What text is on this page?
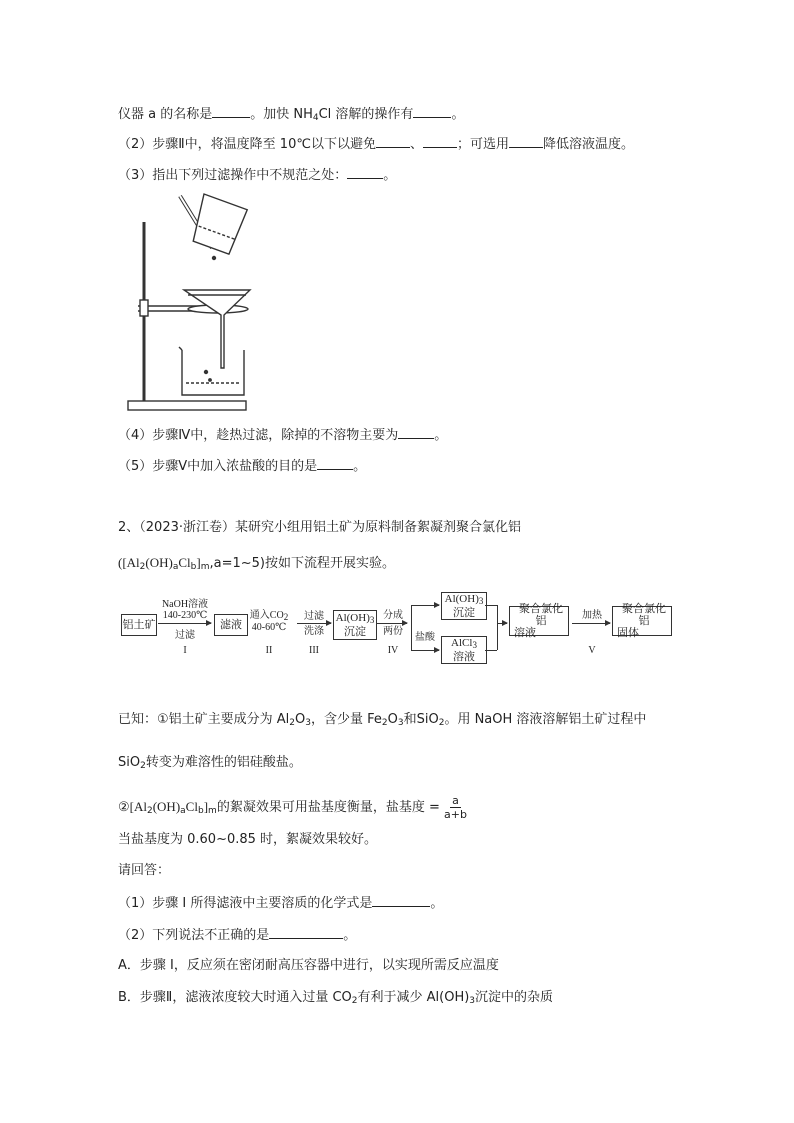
仪器 a 的名称是	。加快 $NH_4Cl$ 溶解的操作有	。
（2）步骤Ⅱ中，将温度降至 10℃以下以避免	、	；可选用	降低溶液温度。
（3）指出下列过滤操作中不规范之处：	。
（4）步骤Ⅳ中，趁热过滤，除掉的不溶物主要为	。
（5）步骤Ⅴ中加入浓盐酸的目的是	。
2、（2023·浙江卷）某研究小组用铝土矿为原料制备絮凝剂聚合氯化铝
$([Al_2(OH)_aCl_b]_m,a=1\sim 5)$按如下流程开展实验。
铝土矿
NaOH溶液
140-230℃
过滤
I
滤液
通入$CO_2$
40-60℃
II
过滤
洗涤
III
$Al(OH)_3$
沉淀
分成
两份
IV
盐酸
$Al(OH)_3$
沉淀
AlCl$_3$
溶液
聚合氯化铝
溶液
加热
V
聚合氯化铝
固体
已知：①铝土矿主要成分为 $Al_2O_3$，含少量 $Fe_2O_3$和SiO$_2$。用 NaOH 溶液溶解铝土矿过程中
SiO$_2$转变为难溶性的铝硅酸盐。
$②[Al_2(OH)_aCl_b]_m$的絮凝效果可用盐基度衡量，盐基度 = $\frac{a}{a+b}$
当盐基度为 0.60~0.85 时，絮凝效果较好。
请回答：
（1）步骤 I 所得滤液中主要溶质的化学式是	。
（2）下列说法不正确的是	。
A．步骤 I，反应须在密闭耐高压容器中进行，以实现所需反应温度
B．步骤Ⅱ，滤液浓度较大时通入过量 $CO_2$有利于减少 $Al(OH)_3$沉淀中的杂质
